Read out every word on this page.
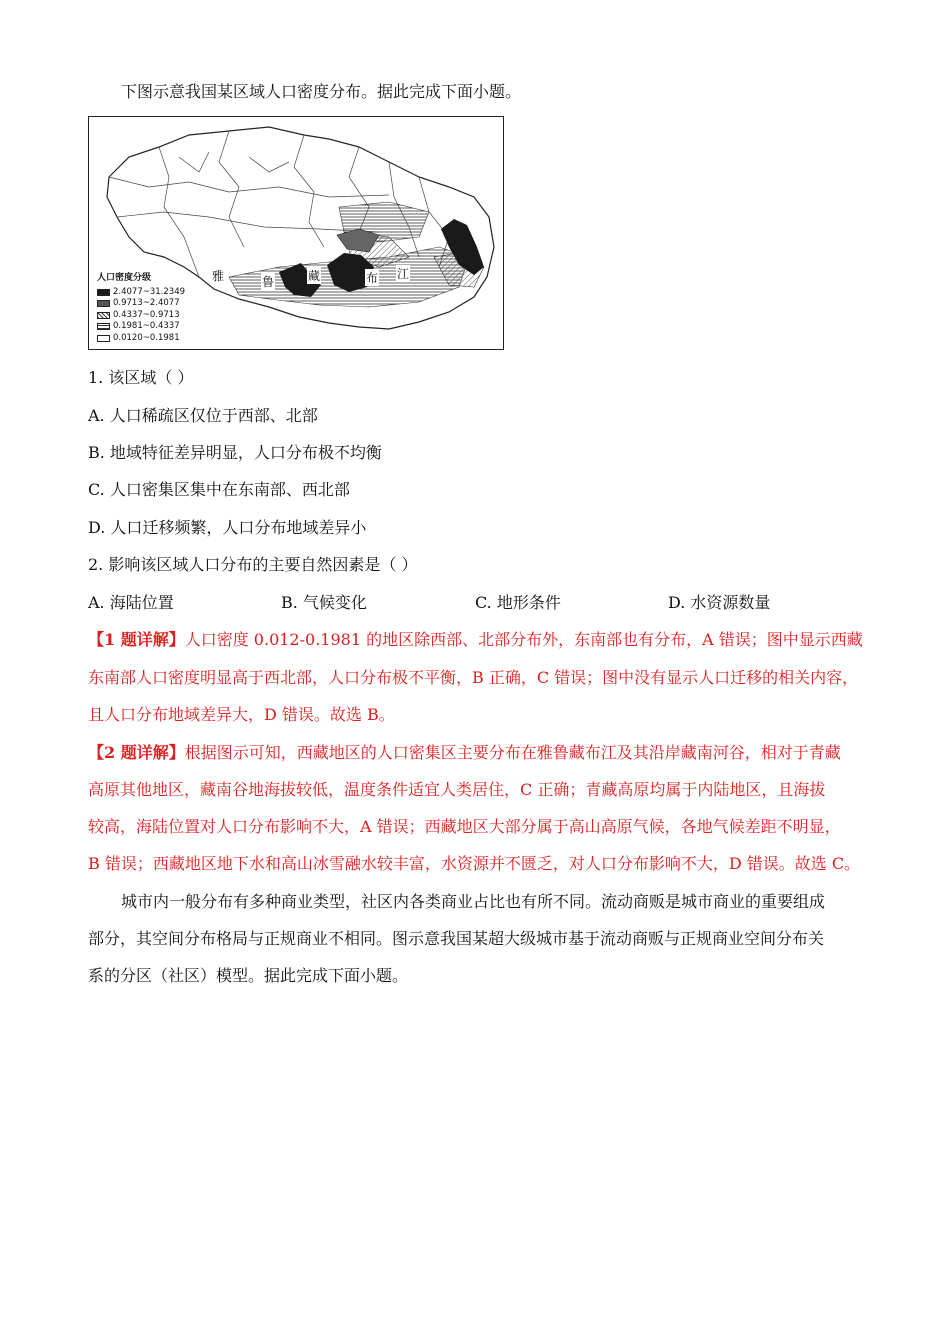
下图示意我国某区域人口密度分布。据此完成下面小题。
雅	鲁	藏	布 江
人口密度分级
2.4077~31.2349
0.9713~2.4077
0.4337~0.9713
0.1981~0.4337
0.0120~0.1981
1. 该区域（ ）
A. 人口稀疏区仅位于西部、北部
B. 地域特征差异明显，人口分布极不均衡
C. 人口密集区集中在东南部、西北部
D. 人口迁移频繁，人口分布地域差异小
2. 影响该区域人口分布的主要自然因素是（ ）
A. 海陆位置	B. 气候变化	C. 地形条件	D. 水资源数量
【1 题详解】人口密度 0.012-0.1981 的地区除西部、北部分布外，东南部也有分布，A 错误；图中显示西藏
东南部人口密度明显高于西北部，人口分布极不平衡，B 正确，C 错误；图中没有显示人口迁移的相关内容，
且人口分布地域差异大，D 错误。故选 B。
【2 题详解】根据图示可知，西藏地区的人口密集区主要分布在雅鲁藏布江及其沿岸藏南河谷，相对于青藏
高原其他地区，藏南谷地海拔较低，温度条件适宜人类居住，C 正确；青藏高原均属于内陆地区，且海拔
较高，海陆位置对人口分布影响不大，A 错误；西藏地区大部分属于高山高原气候，各地气候差距不明显，
B 错误；西藏地区地下水和高山冰雪融水较丰富，水资源并不匮乏，对人口分布影响不大，D 错误。故选 C。
城市内一般分布有多种商业类型，社区内各类商业占比也有所不同。流动商贩是城市商业的重要组成
部分，其空间分布格局与正规商业不相同。图示意我国某超大级城市基于流动商贩与正规商业空间分布关
系的分区（社区）模型。据此完成下面小题。
